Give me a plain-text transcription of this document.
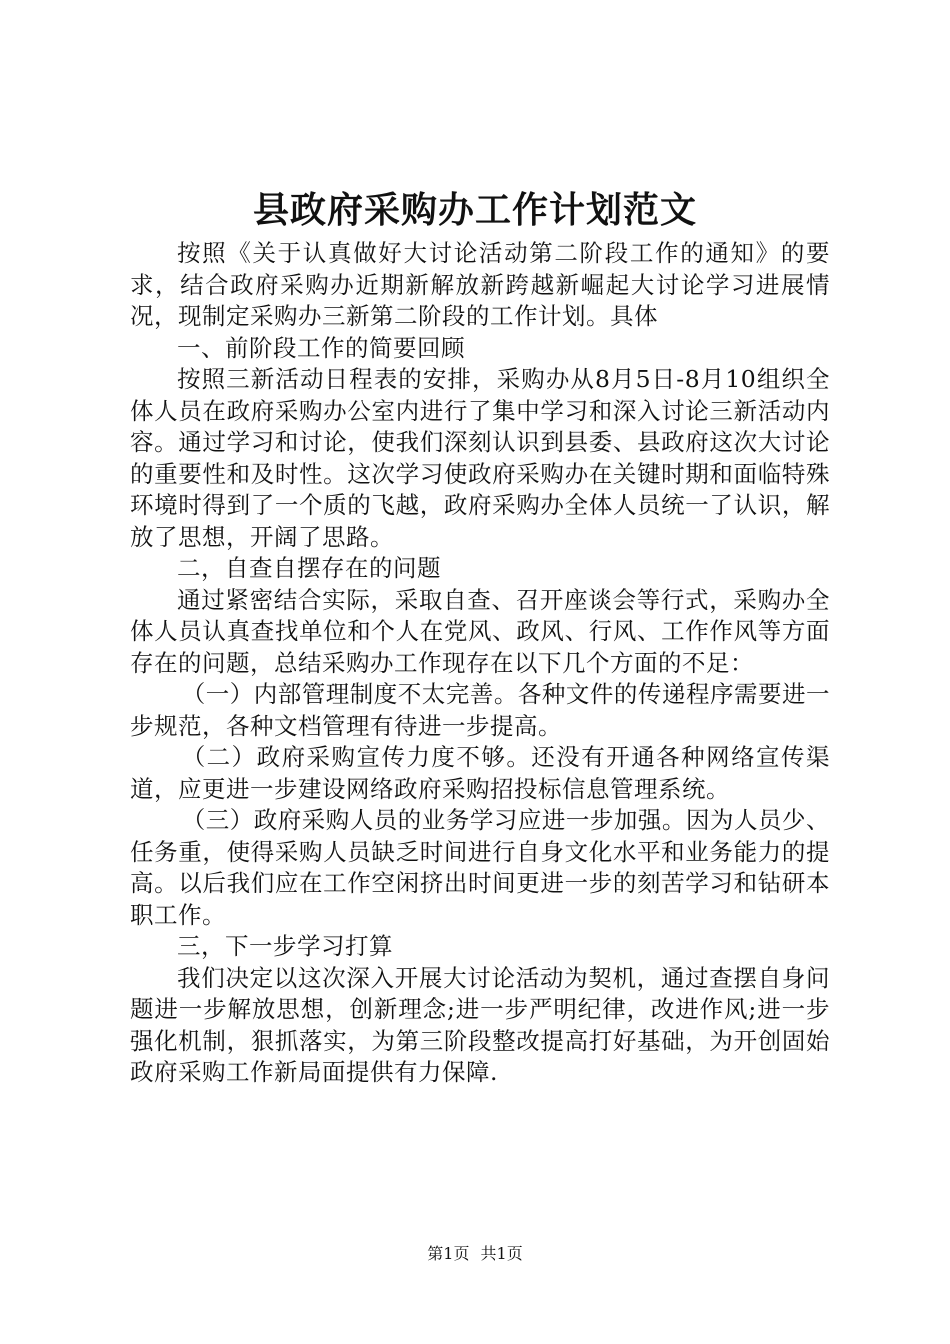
县政府采购办工作计划范文

按照《关于认真做好大讨论活动第二阶段工作的通知》的要求，结合政府采购办近期新解放新跨越新崛起大讨论学习进展情况，现制定采购办三新第二阶段的工作计划。具体

一、前阶段工作的简要回顾

按照三新活动日程表的安排，采购办从8月5日-8月10组织全体人员在政府采购办公室内进行了集中学习和深入讨论三新活动内容。通过学习和讨论，使我们深刻认识到县委、县政府这次大讨论的重要性和及时性。这次学习使政府采购办在关键时期和面临特殊环境时得到了一个质的飞越，政府采购办全体人员统一了认识，解放了思想，开阔了思路。

二，自查自摆存在的问题

通过紧密结合实际，采取自查、召开座谈会等行式，采购办全体人员认真查找单位和个人在党风、政风、行风、工作作风等方面存在的问题，总结采购办工作现存在以下几个方面的不足：

（一）内部管理制度不太完善。各种文件的传递程序需要进一步规范，各种文档管理有待进一步提高。

（二）政府采购宣传力度不够。还没有开通各种网络宣传渠道，应更进一步建设网络政府采购招投标信息管理系统。

（三）政府采购人员的业务学习应进一步加强。因为人员少、任务重，使得采购人员缺乏时间进行自身文化水平和业务能力的提高。以后我们应在工作空闲挤出时间更进一步的刻苦学习和钻研本职工作。

三，下一步学习打算

我们决定以这次深入开展大讨论活动为契机，通过查摆自身问题进一步解放思想，创新理念;进一步严明纪律，改进作风;进一步强化机制，狠抓落实，为第三阶段整改提高打好基础，为开创固始政府采购工作新局面提供有力保障.

第1页 共1页
